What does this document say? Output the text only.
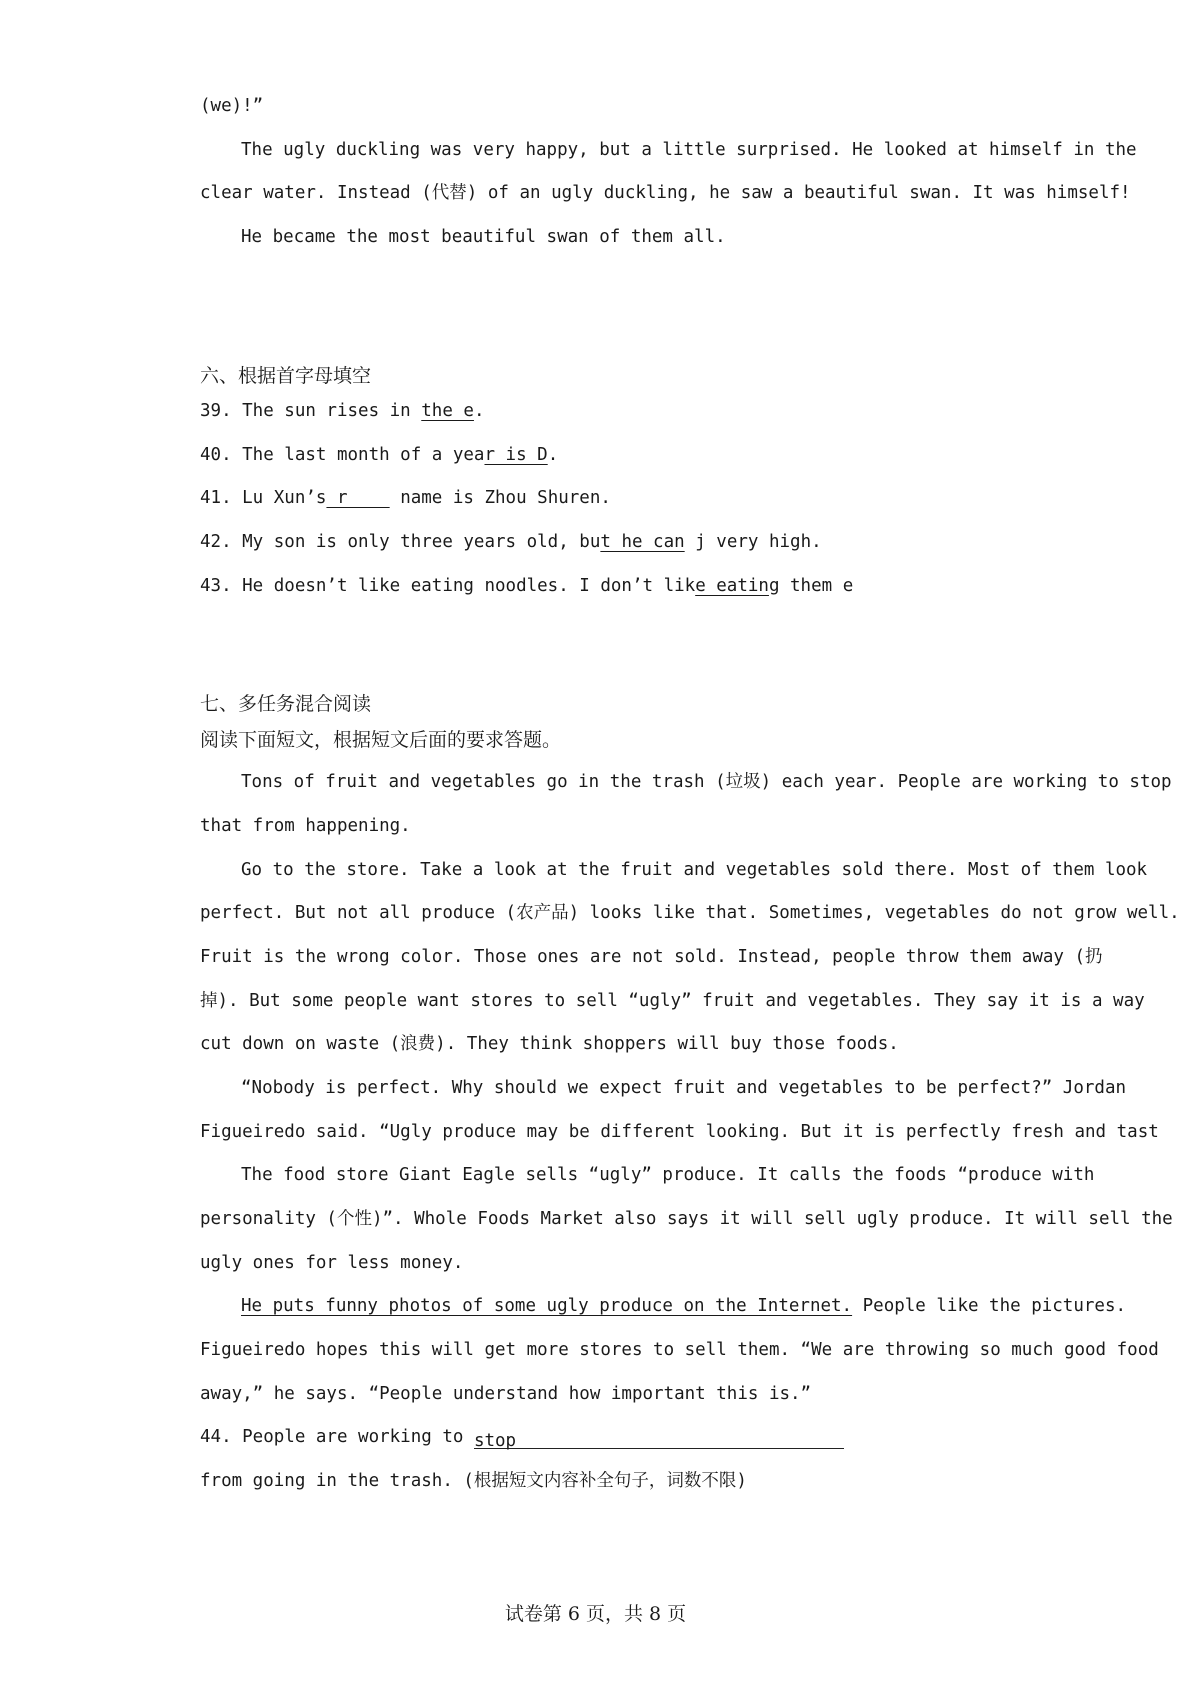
(we)!”
The ugly duckling was very happy, but a little surprised. He looked at himself in the
clear water. Instead (代替) of an ugly duckling, he saw a beautiful swan. It was himself!
He became the most beautiful swan of them all.
六、根据首字母填空
39. The sun rises in the e.
40. The last month of a year is D.
41. Lu Xun’s r     name is Zhou Shuren.
42. My son is only three years old, but he can j very high.
43. He doesn’t like eating noodles. I don’t like eating them e
七、多任务混合阅读
阅读下面短文，根据短文后面的要求答题。
Tons of fruit and vegetables go in the trash (垃圾) each year. People are working to stop
that from happening.
Go to the store. Take a look at the fruit and vegetables sold there. Most of them look
perfect. But not all produce (农产品) looks like that. Sometimes, vegetables do not grow well.
Fruit is the wrong color. Those ones are not sold. Instead, people throw them away (扔
掉). But some people want stores to sell “ugly” fruit and vegetables. They say it is a way
cut down on waste (浪费). They think shoppers will buy those foods.
“Nobody is perfect. Why should we expect fruit and vegetables to be perfect?” Jordan
Figueiredo said. “Ugly produce may be different looking. But it is perfectly fresh and tast
The food store Giant Eagle sells “ugly” produce. It calls the foods “produce with
personality (个性)”. Whole Foods Market also says it will sell ugly produce. It will sell the
ugly ones for less money.
He puts funny photos of some ugly produce on the Internet. People like the pictures.
Figueiredo hopes this will get more stores to sell them. “We are throwing so much good food
away,” he says. “People understand how important this is.”
44. People are working to stop
from going in the trash. (根据短文内容补全句子，词数不限)
试卷第 6 页，共 8 页
